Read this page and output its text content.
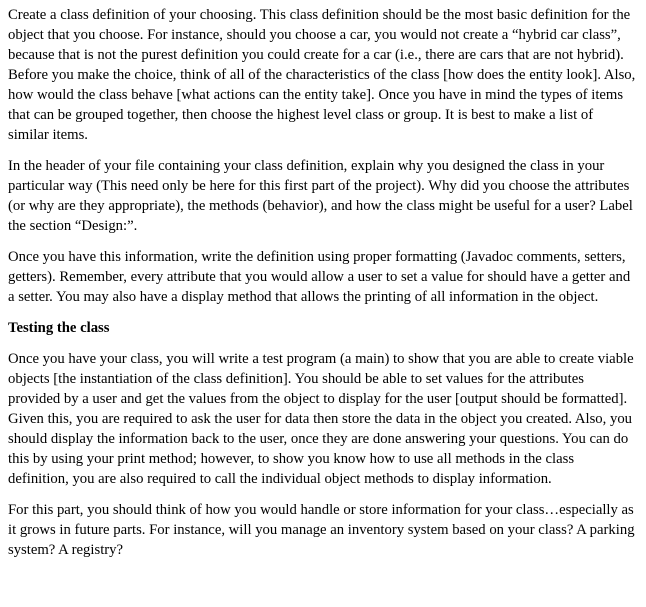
Create a class definition of your choosing. This class definition should be the most basic definition for the object that you choose. For instance, should you choose a car, you would not create a “hybrid car class”, because that is not the purest definition you could create for a car (i.e., there are cars that are not hybrid). Before you make the choice, think of all of the characteristics of the class [how does the entity look]. Also, how would the class behave [what actions can the entity take]. Once you have in mind the types of items that can be grouped together, then choose the highest level class or group. It is best to make a list of similar items.

In the header of your file containing your class definition, explain why you designed the class in your particular way (This need only be here for this first part of the project). Why did you choose the attributes (or why are they appropriate), the methods (behavior), and how the class might be useful for a user? Label the section “Design:”.

Once you have this information, write the definition using proper formatting (Javadoc comments, setters, getters). Remember, every attribute that you would allow a user to set a value for should have a getter and a setter. You may also have a display method that allows the printing of all information in the object.

Testing the class

Once you have your class, you will write a test program (a main) to show that you are able to create viable objects [the instantiation of the class definition]. You should be able to set values for the attributes provided by a user and get the values from the object to display for the user [output should be formatted]. Given this, you are required to ask the user for data then store the data in the object you created. Also, you should display the information back to the user, once they are done answering your questions. You can do this by using your print method; however, to show you know how to use all methods in the class definition, you are also required to call the individual object methods to display information.

For this part, you should think of how you would handle or store information for your class…especially as it grows in future parts. For instance, will you manage an inventory system based on your class? A parking system? A registry?
